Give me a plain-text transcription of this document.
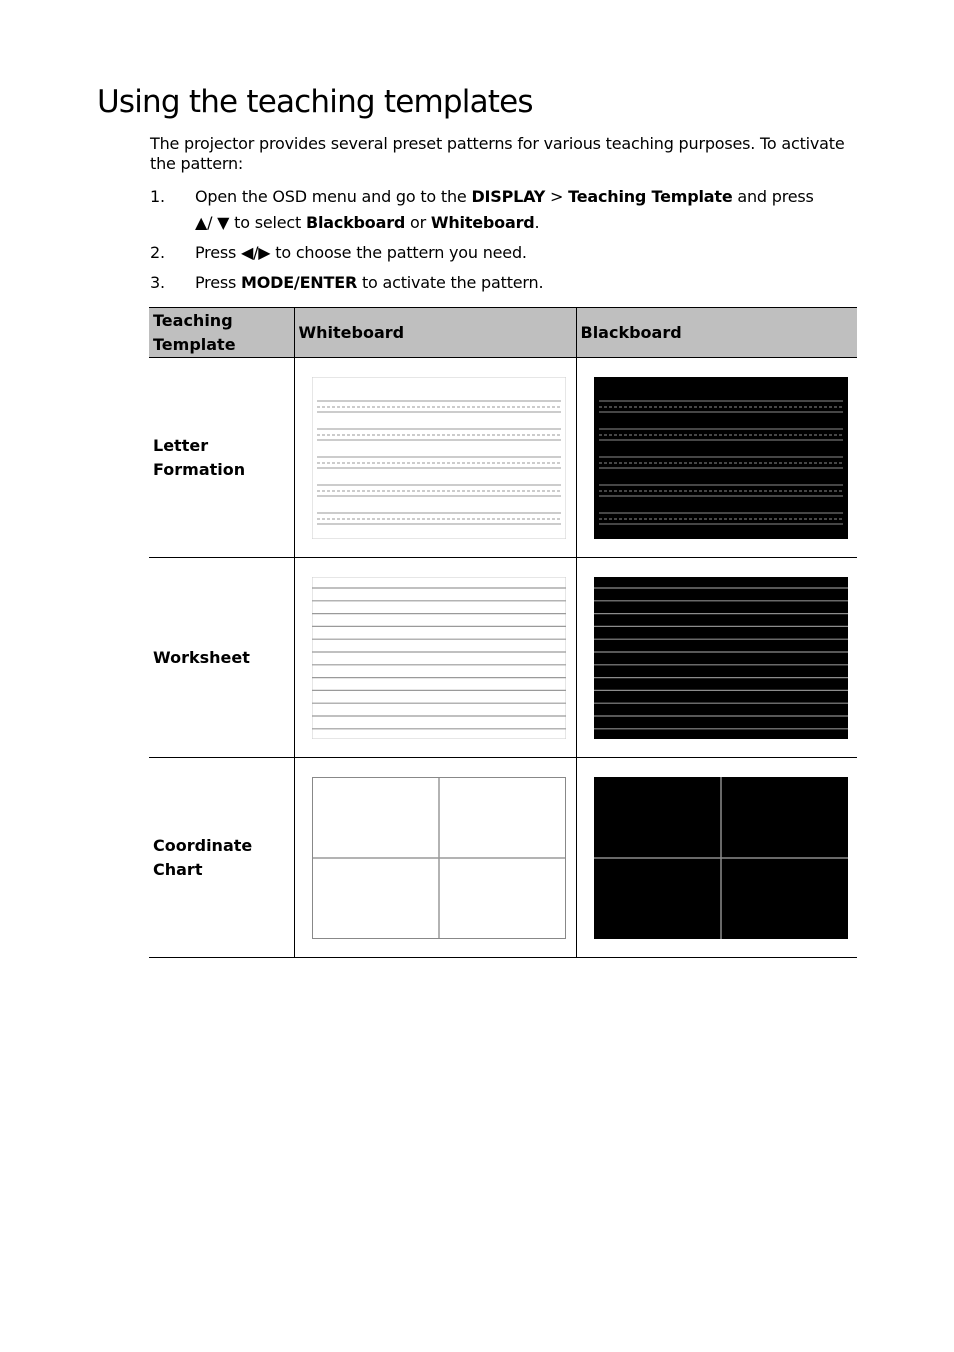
Using the teaching templates

The projector provides several preset patterns for various teaching purposes. To activate the pattern:

1. Open the OSD menu and go to the DISPLAY > Teaching Template and press
▲/ ▼ to select Blackboard or Whiteboard.
2. Press ◀/▶ to choose the pattern you need.
3. Press MODE/ENTER to activate the pattern.
Teaching Template	Whiteboard	Blackboard
Letter Formation	

Worksheet	

Coordinate Chart	
